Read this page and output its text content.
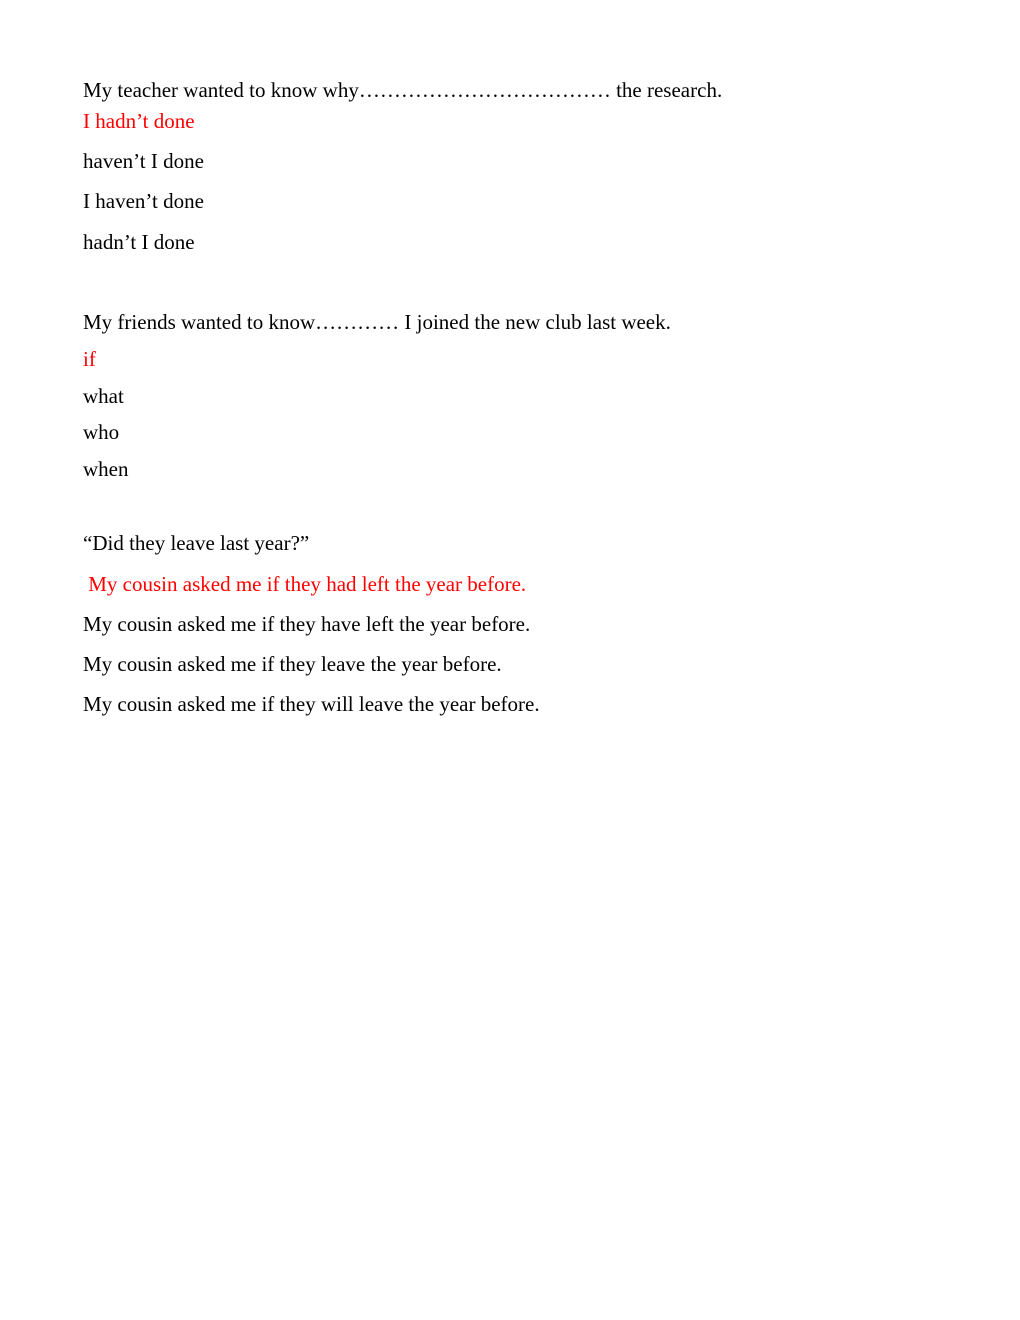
My teacher wanted to know why……………………………… the research.
I hadn’t done
haven’t I done
I haven’t done
hadn’t I done
My friends wanted to know………… I joined the new club last week.
if
what
who
when
“Did they leave last year?”
My cousin asked me if they had left the year before.
My cousin asked me if they have left the year before.
My cousin asked me if they leave the year before.
My cousin asked me if they will leave the year before.
